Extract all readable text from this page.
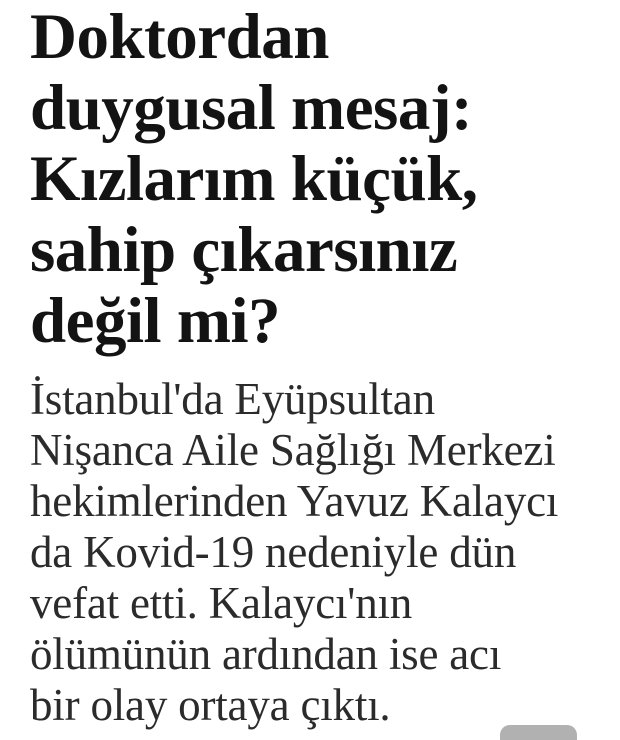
Doktordan
duygusal mesaj:
Kızlarım küçük,
sahip çıkarsınız
değil mi?

İstanbul'da Eyüpsultan
Nişanca Aile Sağlığı Merkezi
hekimlerinden Yavuz Kalaycı
da Kovid-19 nedeniyle dün
vefat etti. Kalaycı'nın
ölümünün ardından ise acı
bir olay ortaya çıktı.
